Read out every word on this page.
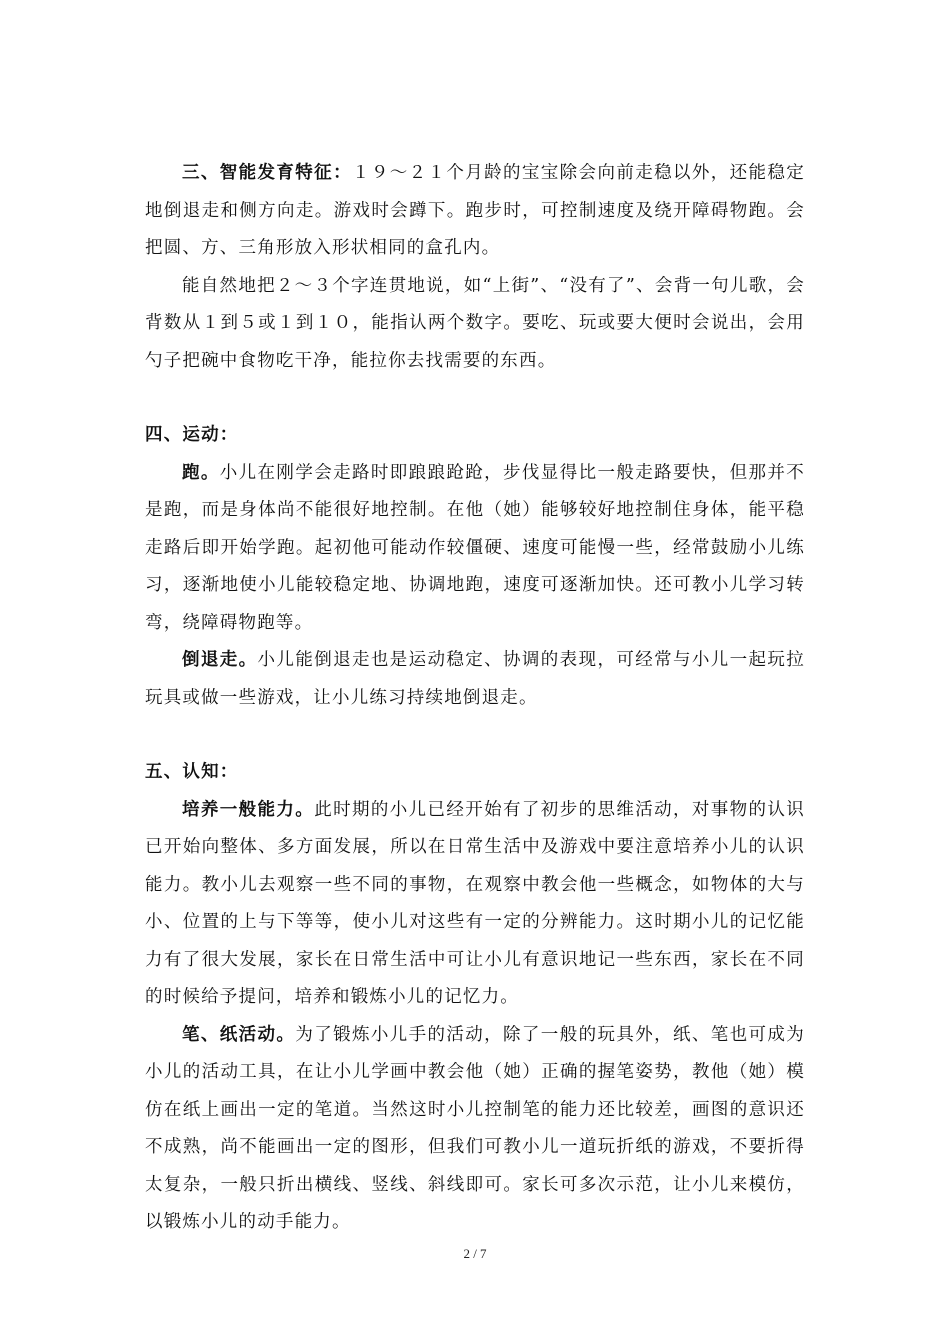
三、智能发育特征：１９～２１个月龄的宝宝除会向前走稳以外，还能稳定地倒退走和侧方向走。游戏时会蹲下。跑步时，可控制速度及绕开障碍物跑。会把圆、方、三角形放入形状相同的盒孔内。

能自然地把２～３个字连贯地说，如“上街”、“没有了”、会背一句儿歌，会背数从１到５或１到１０，能指认两个数字。要吃、玩或要大便时会说出，会用勺子把碗中食物吃干净，能拉你去找需要的东西。

四、运动：

跑。小儿在刚学会走路时即踉踉跄跄，步伐显得比一般走路要快，但那并不是跑，而是身体尚不能很好地控制。在他（她）能够较好地控制住身体，能平稳走路后即开始学跑。起初他可能动作较僵硬、速度可能慢一些，经常鼓励小儿练习，逐渐地使小儿能较稳定地、协调地跑，速度可逐渐加快。还可教小儿学习转弯，绕障碍物跑等。

倒退走。小儿能倒退走也是运动稳定、协调的表现，可经常与小儿一起玩拉玩具或做一些游戏，让小儿练习持续地倒退走。

五、认知：

培养一般能力。此时期的小儿已经开始有了初步的思维活动，对事物的认识已开始向整体、多方面发展，所以在日常生活中及游戏中要注意培养小儿的认识能力。教小儿去观察一些不同的事物，在观察中教会他一些概念，如物体的大与小、位置的上与下等等，使小儿对这些有一定的分辨能力。这时期小儿的记忆能力有了很大发展，家长在日常生活中可让小儿有意识地记一些东西，家长在不同的时候给予提问，培养和锻炼小儿的记忆力。

笔、纸活动。为了锻炼小儿手的活动，除了一般的玩具外，纸、笔也可成为小儿的活动工具，在让小儿学画中教会他（她）正确的握笔姿势，教他（她）模仿在纸上画出一定的笔道。当然这时小儿控制笔的能力还比较差，画图的意识还不成熟，尚不能画出一定的图形，但我们可教小儿一道玩折纸的游戏，不要折得太复杂，一般只折出横线、竖线、斜线即可。家长可多次示范，让小儿来模仿，以锻炼小儿的动手能力。

2 / 7
